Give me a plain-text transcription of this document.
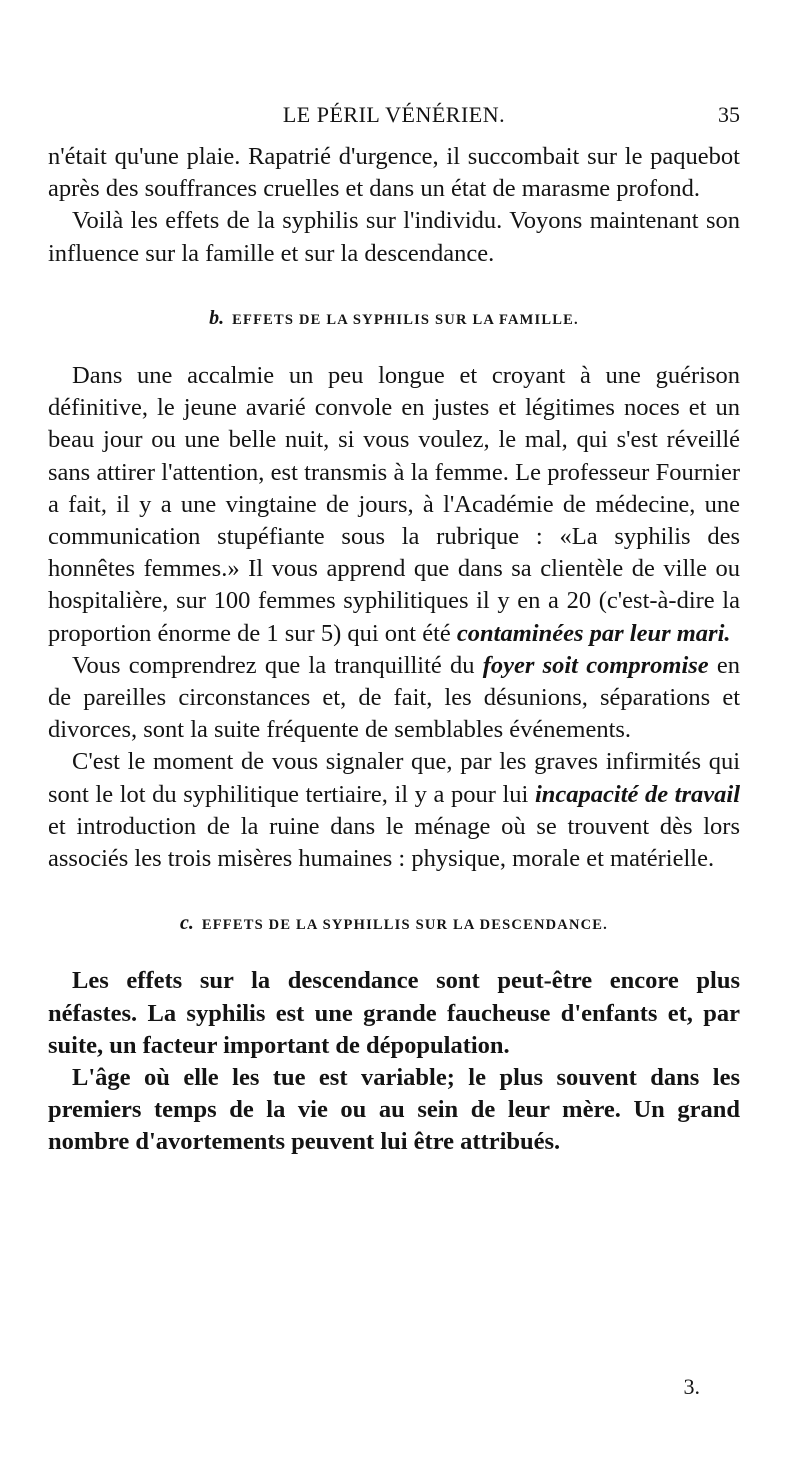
LE PÉRIL VÉNÉRIEN.	35

n'était qu'une plaie. Rapatrié d'urgence, il succombait sur le paquebot après des souffrances cruelles et dans un état de marasme profond.

Voilà les effets de la syphilis sur l'individu. Voyons maintenant son influence sur la famille et sur la descendance.

b. EFFETS DE LA SYPHILIS SUR LA FAMILLE.

Dans une accalmie un peu longue et croyant à une guérison définitive, le jeune avarié convole en justes et légitimes noces et un beau jour ou une belle nuit, si vous voulez, le mal, qui s'est réveillé sans attirer l'attention, est transmis à la femme. Le professeur Fournier a fait, il y a une vingtaine de jours, à l'Académie de médecine, une communication stupéfiante sous la rubrique : «La syphilis des honnêtes femmes.» Il vous apprend que dans sa clientèle de ville ou hospitalière, sur 100 femmes syphilitiques il y en a 20 (c'est-à-dire la proportion énorme de 1 sur 5) qui ont été contaminées par leur mari.

Vous comprendrez que la tranquillité du foyer soit compromise en de pareilles circonstances et, de fait, les désunions, séparations et divorces, sont la suite fréquente de semblables événements.

C'est le moment de vous signaler que, par les graves infirmités qui sont le lot du syphilitique tertiaire, il y a pour lui incapacité de travail et introduction de la ruine dans le ménage où se trouvent dès lors associés les trois misères humaines : physique, morale et matérielle.

c. EFFETS DE LA SYPHILLIS SUR LA DESCENDANCE.

Les effets sur la descendance sont peut-être encore plus néfastes. La syphilis est une grande faucheuse d'enfants et, par suite, un facteur important de dépopulation.

L'âge où elle les tue est variable; le plus souvent dans les premiers temps de la vie ou au sein de leur mère. Un grand nombre d'avortements peuvent lui être attribués.

3.
